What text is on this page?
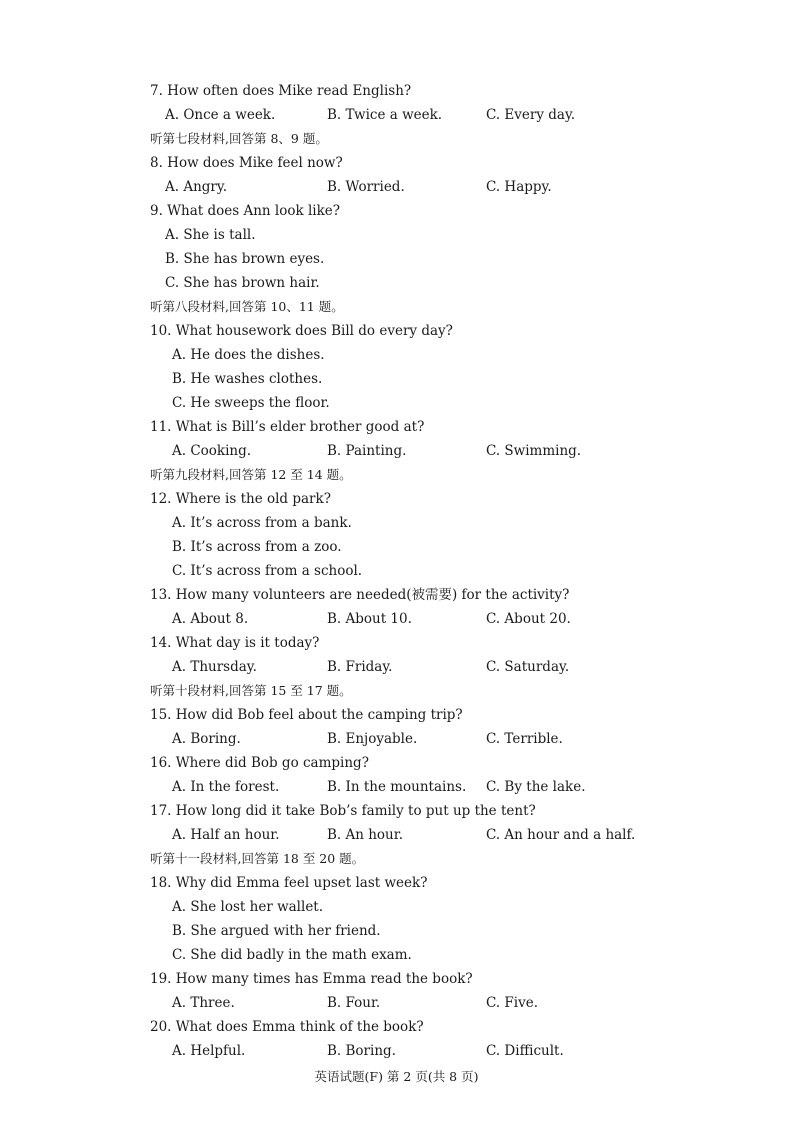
7. How often does Mike read English?
A. Once a week.	B. Twice a week.	C. Every day.
听第七段材料,回答第 8、9 题。
8. How does Mike feel now?
A. Angry.	B. Worried.	C. Happy.
9. What does Ann look like?
A. She is tall.
B. She has brown eyes.
C. She has brown hair.
听第八段材料,回答第 10、11 题。
10. What housework does Bill do every day?
A. He does the dishes.
B. He washes clothes.
C. He sweeps the floor.
11. What is Bill’s elder brother good at?
A. Cooking.	B. Painting.	C. Swimming.
听第九段材料,回答第 12 至 14 题。
12. Where is the old park?
A. It’s across from a bank.
B. It’s across from a zoo.
C. It’s across from a school.
13. How many volunteers are needed(被需要) for the activity?
A. About 8.	B. About 10.	C. About 20.
14. What day is it today?
A. Thursday.	B. Friday.	C. Saturday.
听第十段材料,回答第 15 至 17 题。
15. How did Bob feel about the camping trip?
A. Boring.	B. Enjoyable.	C. Terrible.
16. Where did Bob go camping?
A. In the forest.	B. In the mountains. C. By the lake.
17. How long did it take Bob’s family to put up the tent?
A. Half an hour.	B. An hour.	C. An hour and a half.
听第十一段材料,回答第 18 至 20 题。
18. Why did Emma feel upset last week?
A. She lost her wallet.
B. She argued with her friend.
C. She did badly in the math exam.
19. How many times has Emma read the book?
A. Three.	B. Four.	C. Five.
20. What does Emma think of the book?
A. Helpful.	B. Boring.	C. Difficult.
英语试题(F) 第 2 页(共 8 页)
